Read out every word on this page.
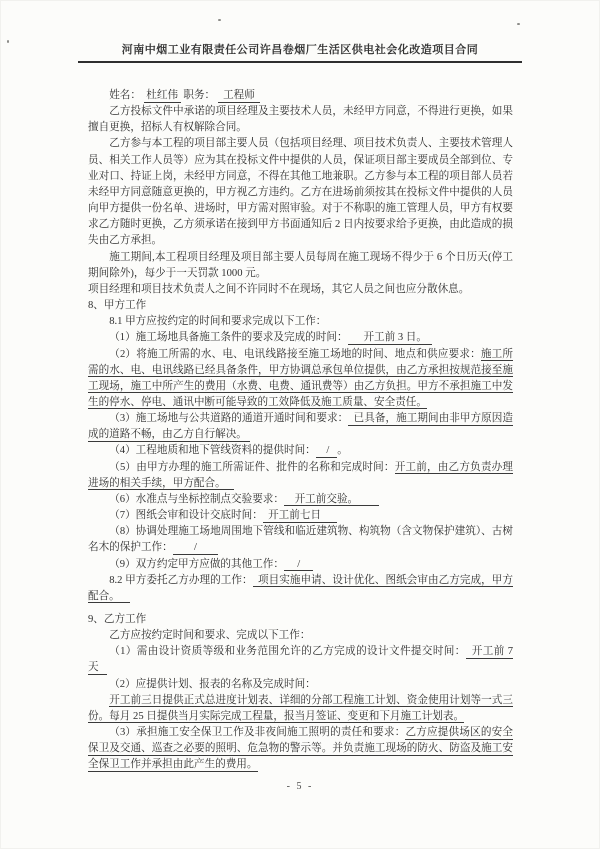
河南中烟工业有限责任公司许昌卷烟厂生活区供电社会化改造项目合同

姓名：  杜红伟  职务：   工程师

乙方投标文件中承诺的项目经理及主要技术人员，未经甲方同意，不得进行更换，如果擅自更换，招标人有权解除合同。

乙方参与本工程的项目部主要人员（包括项目经理、项目技术负责人、主要技术管理人员、相关工作人员等）应为其在投标文件中提供的人员，保证项目部主要成员全部到位、专业对口、持证上岗，未经甲方同意，不得在其他工地兼职。乙方参与本工程的项目部人员若未经甲方同意随意更换的，甲方视乙方违约。乙方在进场前须按其在投标文件中提供的人员向甲方提供一份名单、进场时，甲方需对照审验。对于不称职的施工管理人员，甲方有权要求乙方随时更换，乙方须承诺在接到甲方书面通知后 2 日内按要求给予更换，由此造成的损失由乙方承担。

施工期间,本工程项目经理及项目部主要人员每周在施工现场不得少于 6 个日历天(停工期间除外)，每少于一天罚款 1000 元。

项目经理和项目技术负责人之间不许同时不在现场，其它人员之间也应分散休息。

8、甲方工作

8.1 甲方应按约定的时间和要求完成以下工作：

（1）施工场地具备施工条件的要求及完成的时间：      开工前 3 日。

（2）将施工所需的水、电、电讯线路接至施工场地的时间、地点和供应要求：施工所需的水、电、电讯线路已经具备条件，甲方协调总承包单位提供，由乙方承担按规范接至施工现场，施工中所产生的费用（水费、电费、通讯费等）由乙方负担。甲方不承担施工中发生的停水、停电、通讯中断可能导致的工效降低及施工质量、安全责任。

（3）施工场地与公共道路的通道开通时间和要求：  已具备，施工期间由非甲方原因造成的道路不畅，由乙方自行解决。

（4）工程地质和地下管线资料的提供时间：    /   。

（5）由甲方办理的施工所需证件、批件的名称和完成时间：开工前，由乙方负责办理进场的相关手续，甲方配合。

（6）水准点与坐标控制点交验要求：    开工前交验。

（7）图纸会审和设计交底时间：  开工前七日

（8）协调处理施工场地周围地下管线和临近建筑物、构筑物（含文物保护建筑）、古树名木的保护工作：        /

（9）双方约定甲方应做的其他工作：     /

8.2 甲方委托乙方办理的工作：  项目实施申请、设计优化、图纸会审由乙方完成，甲方配合。

9、乙方工作

乙方应按约定时间和要求、完成以下工作：

（1）需由设计资质等级和业务范围允许的乙方完成的设计文件提交时间：  开工前 7 天

（2）应提供计划、报表的名称及完成时间：

开工前三日提供正式总进度计划表、详细的分部工程施工计划、资金使用计划等一式三份。每月 25 日提供当月实际完成工程量，报当月签证、变更和下月施工计划表。

（3）承担施工安全保卫工作及非夜间施工照明的责任和要求：乙方应提供场区的安全保卫及交通、巡查之必要的照明、危急物的警示等。并负责施工现场的防火、防盗及施工安全保卫工作并承担由此产生的费用。

- 5 -
